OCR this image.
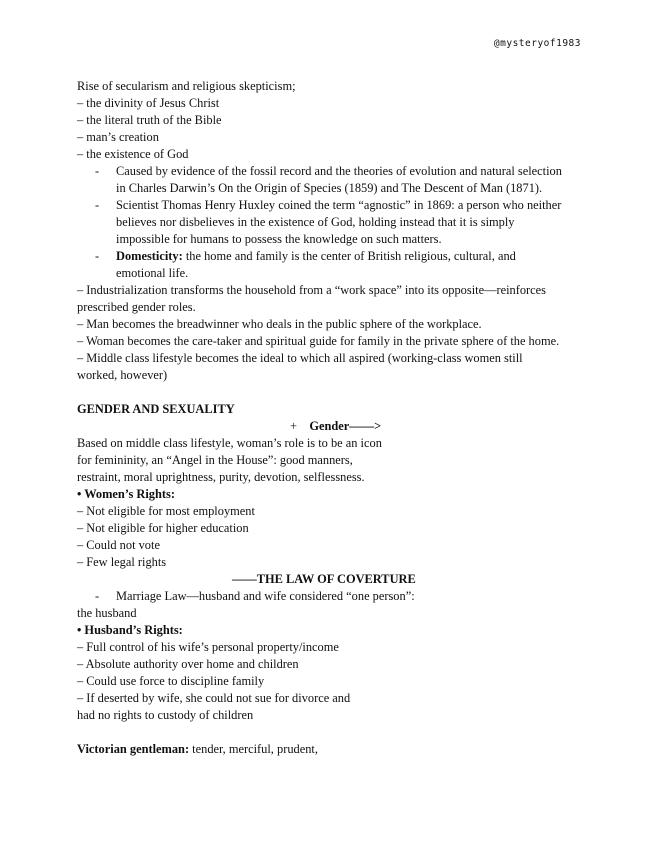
@mysteryof1983
Rise of secularism and religious skepticism;
– the divinity of Jesus Christ
– the literal truth of the Bible
– man’s creation
– the existence of God
- Caused by evidence of the fossil record and the theories of evolution and natural selection
in Charles Darwin’s On the Origin of Species (1859) and The Descent of Man (1871).
- Scientist Thomas Henry Huxley coined the term “agnostic” in 1869: a person who neither
believes nor disbelieves in the existence of God, holding instead that it is simply
impossible for humans to possess the knowledge on such matters.
- Domesticity: the home and family is the center of British religious, cultural, and
emotional life.
– Industrialization transforms the household from a “work space” into its opposite—reinforces
prescribed gender roles.
– Man becomes the breadwinner who deals in the public sphere of the workplace.
– Woman becomes the care-taker and spiritual guide for family in the private sphere of the home.
– Middle class lifestyle becomes the ideal to which all aspired (working-class women still
worked, however)
GENDER AND SEXUALITY
+ Gender——>
Based on middle class lifestyle, woman’s role is to be an icon
for femininity, an “Angel in the House”: good manners,
restraint, moral uprightness, purity, devotion, selflessness.
• Women’s Rights:
– Not eligible for most employment
– Not eligible for higher education
– Could not vote
– Few legal rights
——THE LAW OF COVERTURE
- Marriage Law—husband and wife considered “one person”:
the husband
• Husband’s Rights:
– Full control of his wife’s personal property/income
– Absolute authority over home and children
– Could use force to discipline family
– If deserted by wife, she could not sue for divorce and
had no rights to custody of children
Victorian gentleman: tender, merciful, prudent,
